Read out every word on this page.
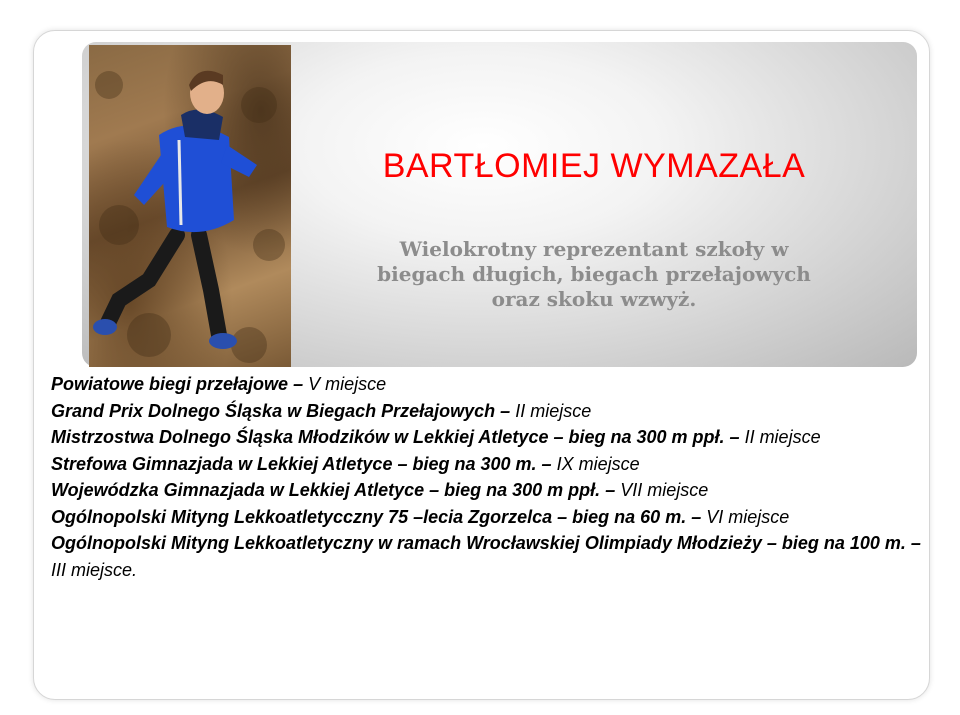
BARTŁOMIEJ WYMAZAŁA
Wielokrotny reprezentant szkoły w
biegach długich, biegach przełajowych
oraz skoku wzwyż.

Powiatowe biegi przełajowe – V miejsce

Grand Prix Dolnego Śląska w Biegach Przełajowych – II miejsce

Mistrzostwa Dolnego Śląska Młodzików w Lekkiej Atletyce – bieg na 300 m ppł. – II miejsce

Strefowa Gimnazjada w Lekkiej Atletyce – bieg na 300 m. – IX miejsce

Wojewódzka Gimnazjada w Lekkiej Atletyce – bieg na 300 m ppł. – VII miejsce

Ogólnopolski Mityng Lekkoatletycczny 75 –lecia Zgorzelca – bieg na 60 m. – VI miejsce

Ogólnopolski Mityng Lekkoatletyczny w ramach Wrocławskiej Olimpiady Młodzieży – bieg na 100 m. – III miejsce.
